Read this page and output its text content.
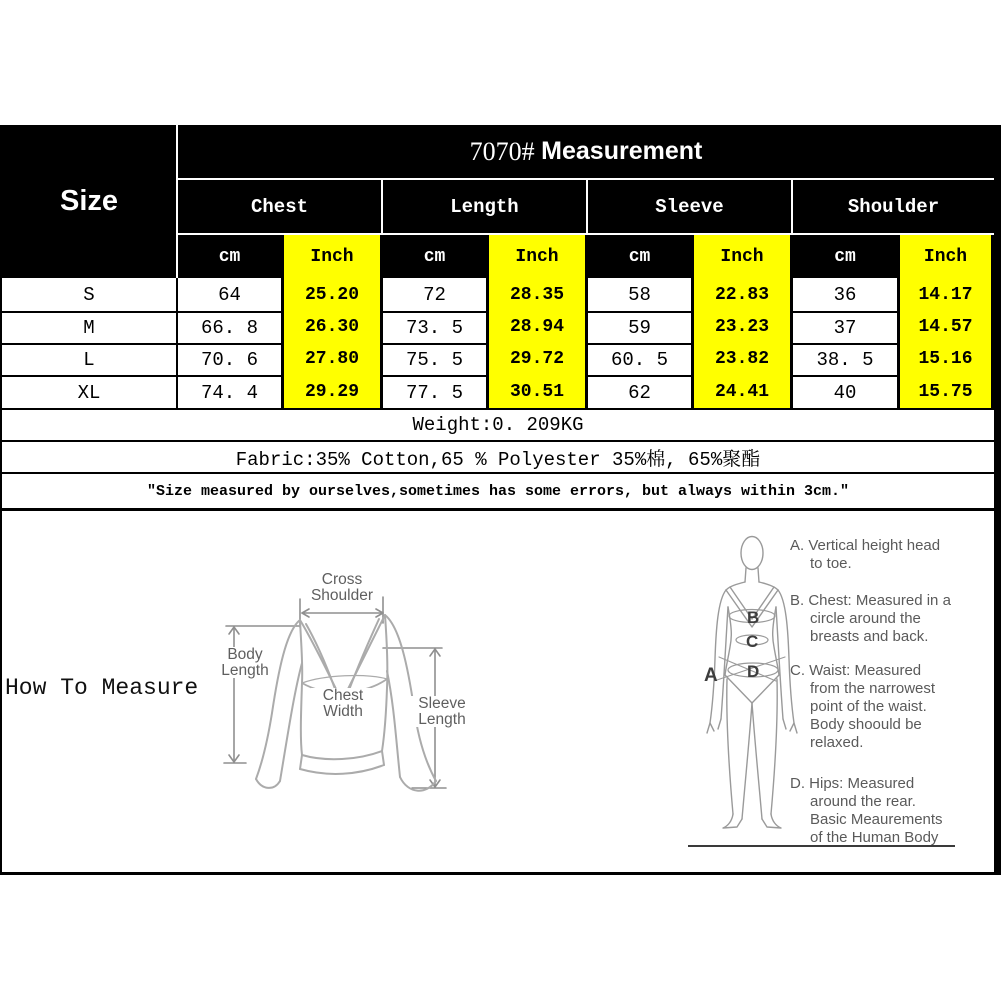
Size
7070# Measurement
Chest	Length	Sleeve	Shoulder
cm	Inch	cm	Inch	cm	Inch	cm	Inch
S	64	25.20	72	28.35	58	22.83	36	14.17
M	66. 8	26.30	73. 5	28.94	59	23.23	37	14.57
L	70. 6	27.80	75. 5	29.72	60. 5	23.82	38. 5	15.16
XL	74. 4	29.29	77. 5	30.51	62	24.41	40	15.75
Weight:0. 209KG
Fabric:35% Cotton,65 % Polyester 35%棉, 65%聚酯
″Size measured by ourselves,sometimes has some errors, but always within 3cm.″
How To Measure
Cross Shoulder
Body Length
Chest Width	Sleeve Length
A
B
C
D
A. Vertical height head
to toe.
B. Chest: Measured in a
circle around the
breasts and back.
C. Waist: Measured
from the narrowest
point of the waist.
Body shoould be
relaxed.
D. Hips: Measured
around the rear.
Basic Meaurements
of the Human Body
